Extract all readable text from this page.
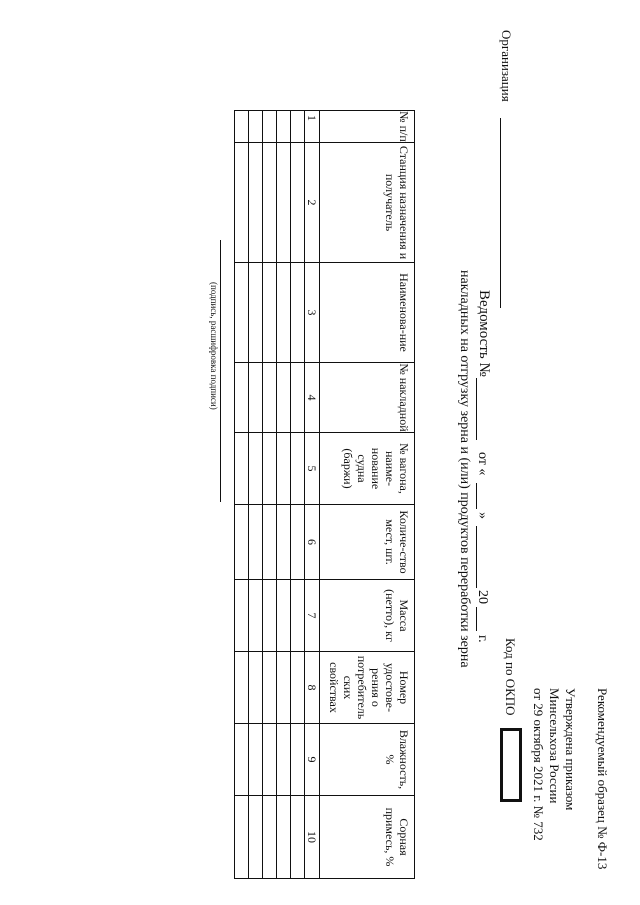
Рекомендуемый образец № Ф-13
Утверждена приказом
Минсельхоза России
от 29 октября 2021 г. № 732
Код по ОКПО
Организация
Ведомость №
от «
»
20
г.
накладных на отгрузку зерна и (или) продуктов переработки зерна
№ п/п	Станция назначения и получатель	Наименова-ние	№ накладной	№ вагона, наиме-нование судна (баржи)	Количе-ство мест, шт.	Масса (нетто), кг	Номер удостове-рения о потребитель ских свойствах	Влажность, %	Сорная примесь, %
1	2	3	4	5	6	7	8	9	10

(подпись, расшифровка подписи)
